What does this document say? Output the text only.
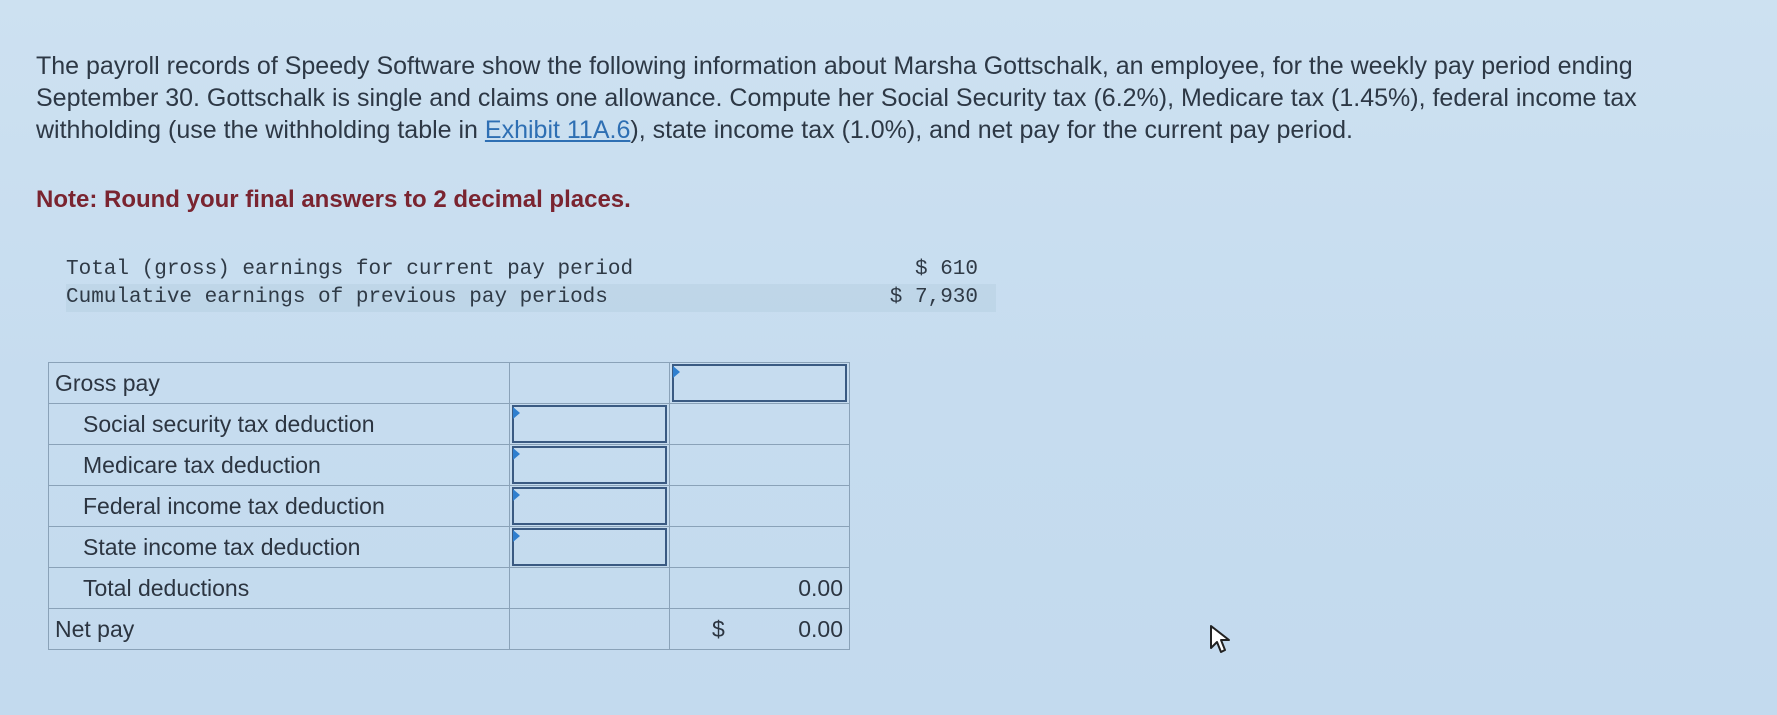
The payroll records of Speedy Software show the following information about Marsha Gottschalk, an employee, for the weekly pay period ending September 30. Gottschalk is single and claims one allowance. Compute her Social Security tax (6.2%), Medicare tax (1.45%), federal income tax withholding (use the withholding table in Exhibit 11A.6), state income tax (1.0%), and net pay for the current pay period.
Note: Round your final answers to 2 decimal places.
Total (gross) earnings for current pay period	$ 610
Cumulative earnings of previous pay periods	$ 7,930
Gross pay		

Social security tax deduction	

Medicare tax deduction	

Federal income tax deduction	

State income tax deduction	

Total deductions		0.00
Net pay		$ 0.00
